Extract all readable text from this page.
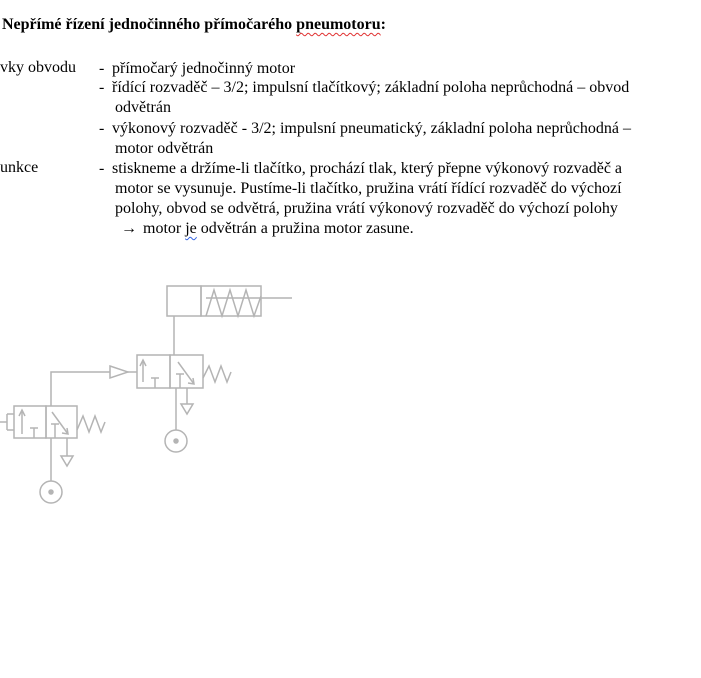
Nepřímé řízení jednočinného přímočarého pneumotoru:
vky obvodu - přímočarý jednočinný motor
- řídící rozvaděč – 3/2; impulsní tlačítkový; základní poloha neprůchodná – obvod
odvětrán
- výkonový rozvaděč - 3/2; impulsní pneumatický, základní poloha neprůchodná –
motor odvětrán
unkce	- stiskneme a držíme-li tlačítko, prochází tlak, který přepne výkonový rozvaděč a
motor se vysunuje. Pustíme-li tlačítko, pružina vrátí řídící rozvaděč do výchozí
polohy, obvod se odvětrá, pružina vrátí výkonový rozvaděč do výchozí polohy
→ motor je odvětrán a pružina motor zasune.
